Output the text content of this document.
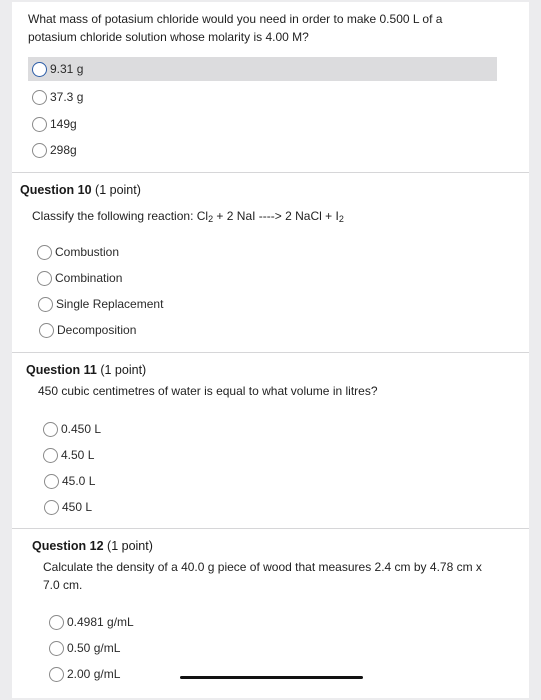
What mass of potasium chloride would you need in order to make 0.500 L of a potasium chloride solution whose molarity is 4.00 M?
9.31 g
37.3 g
149g
298g
Question 10 (1 point)
Classify the following reaction: $Cl_2 + 2$ NaI ----> 2 NaCl + $I_2$
Combustion
Combination
Single Replacement
Decomposition
Question 11 (1 point)
450 cubic centimetres of water is equal to what volume in litres?
0.450 L
4.50 L
45.0 L
450 L
Question 12 (1 point)
Calculate the density of a 40.0 g piece of wood that measures 2.4 cm by 4.78 cm x 7.0 cm.
0.4981 g/mL
0.50 g/mL
2.00 g/mL
